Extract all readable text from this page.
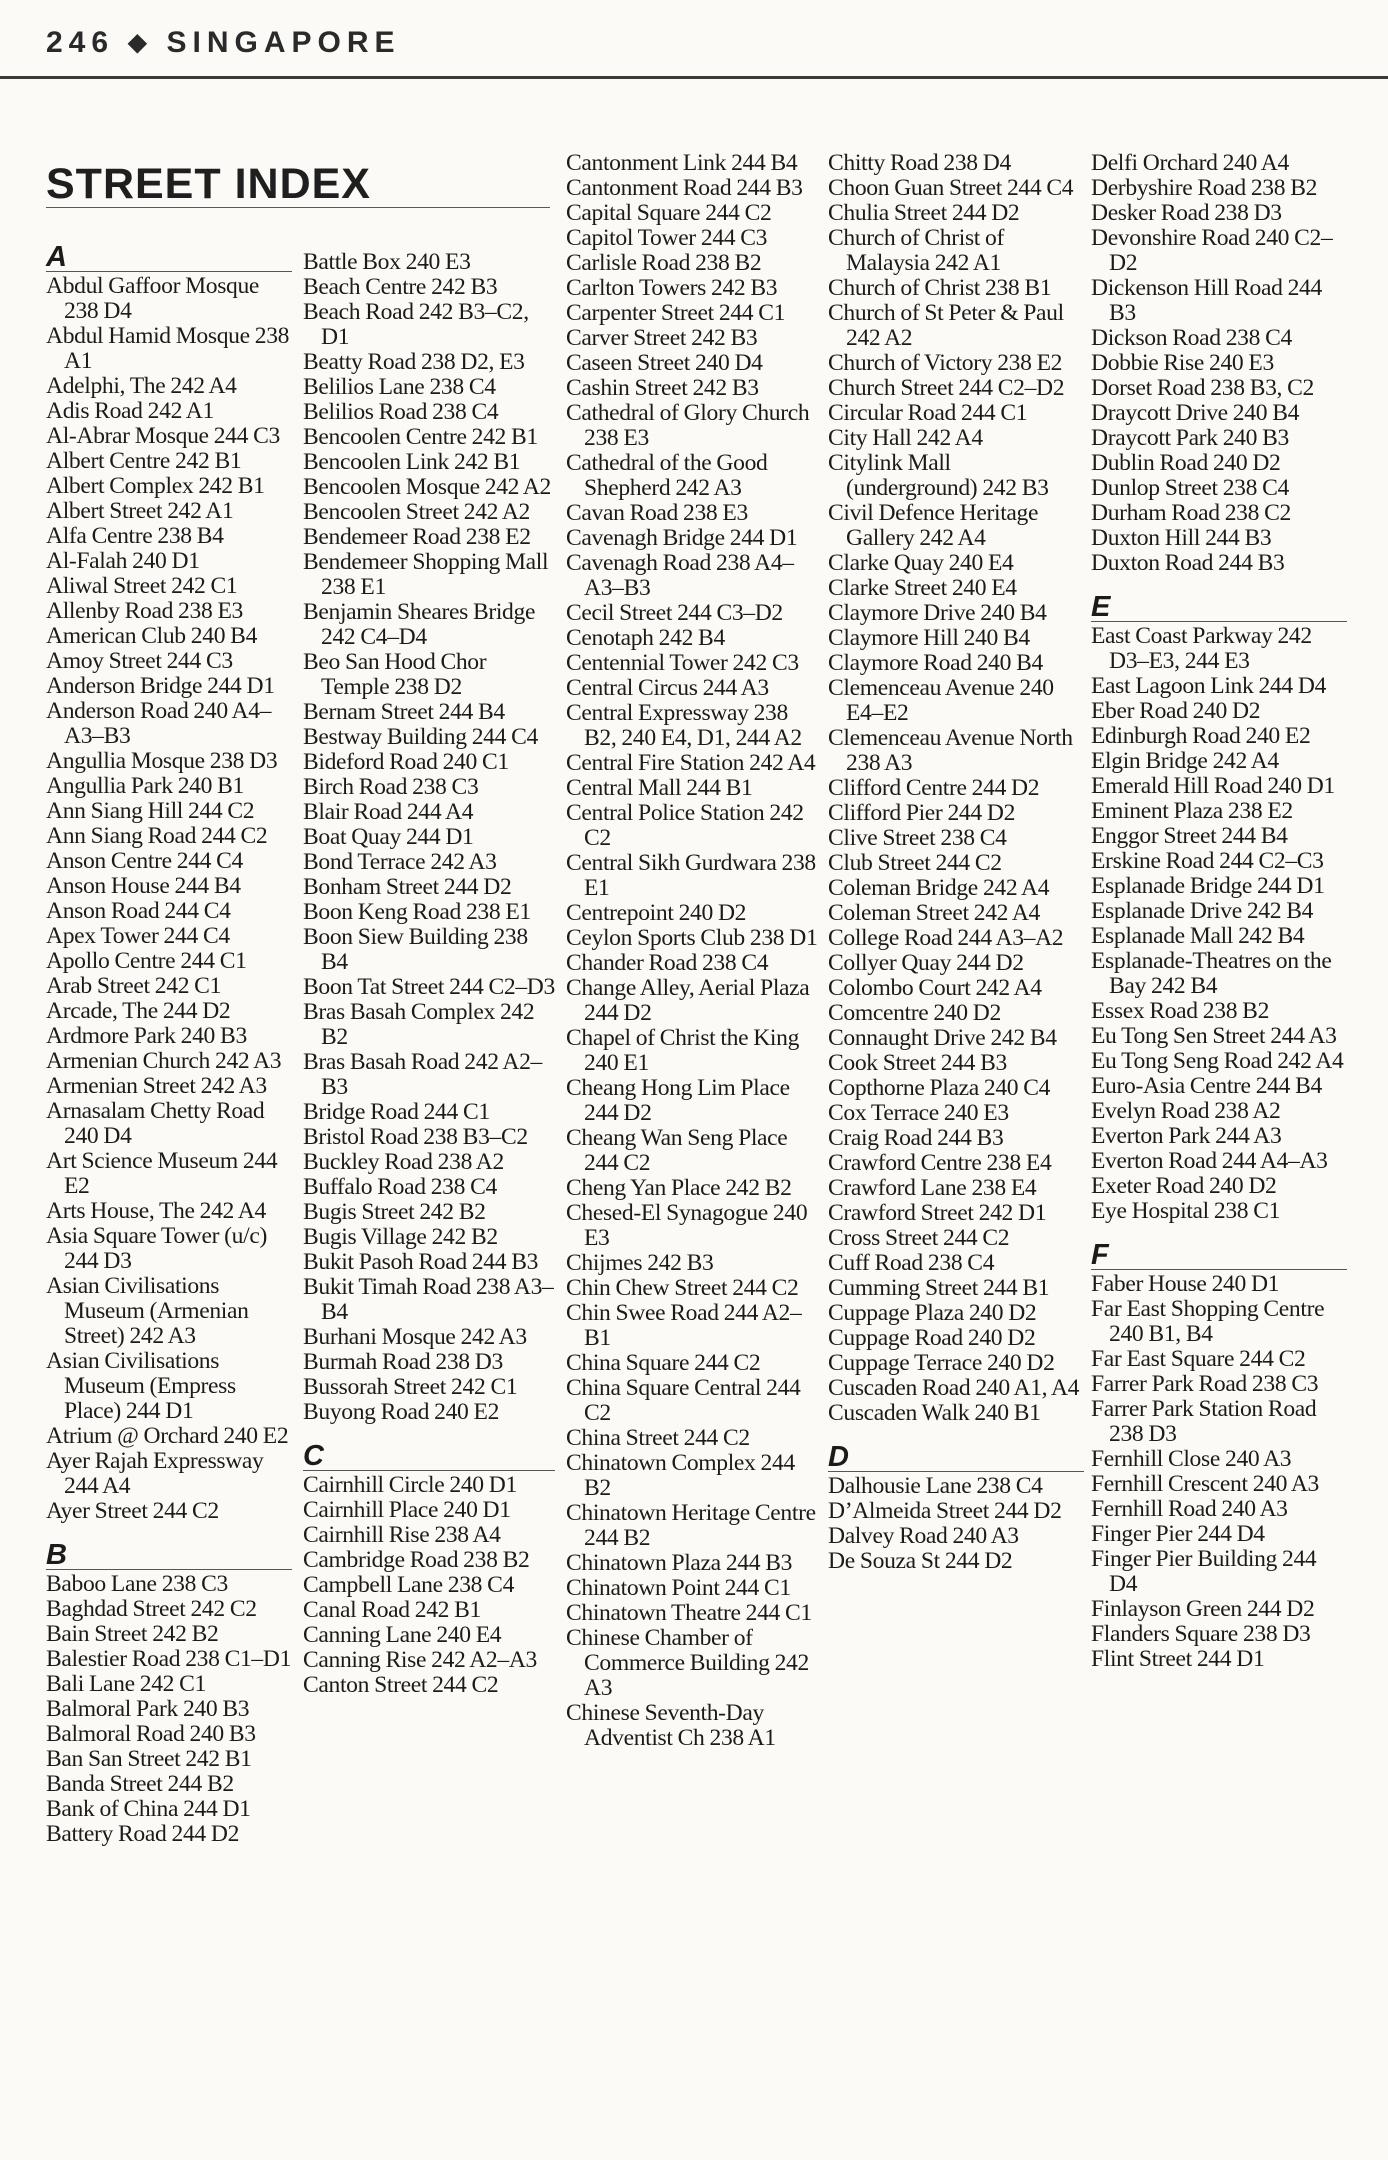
246 ◆ SINGAPORE
STREET INDEX
A
Abdul Gaffoor Mosque 238 D4
Abdul Hamid Mosque 238 A1
Adelphi, The 242 A4
Adis Road 242 A1
Al-Abrar Mosque 244 C3
Albert Centre 242 B1
Albert Complex 242 B1
Albert Street 242 A1
Alfa Centre 238 B4
Al-Falah 240 D1
Aliwal Street 242 C1
Allenby Road 238 E3
American Club 240 B4
Amoy Street 244 C3
Anderson Bridge 244 D1
Anderson Road 240 A4–A3–B3
Angullia Mosque 238 D3
Angullia Park 240 B1
Ann Siang Hill 244 C2
Ann Siang Road 244 C2
Anson Centre 244 C4
Anson House 244 B4
Anson Road 244 C4
Apex Tower 244 C4
Apollo Centre 244 C1
Arab Street 242 C1
Arcade, The 244 D2
Ardmore Park 240 B3
Armenian Church 242 A3
Armenian Street 242 A3
Arnasalam Chetty Road 240 D4
Art Science Museum 244 E2
Arts House, The 242 A4
Asia Square Tower (u/c) 244 D3
Asian Civilisations Museum (Armenian Street) 242 A3
Asian Civilisations Museum (Empress Place) 244 D1
Atrium @ Orchard 240 E2
Ayer Rajah Expressway 244 A4
Ayer Street 244 C2
B
Baboo Lane 238 C3
Baghdad Street 242 C2
Bain Street 242 B2
Balestier Road 238 C1–D1
Bali Lane 242 C1
Balmoral Park 240 B3
Balmoral Road 240 B3
Ban San Street 242 B1
Banda Street 244 B2
Bank of China 244 D1
Battery Road 244 D2
Battle Box 240 E3
Beach Centre 242 B3
Beach Road 242 B3–C2, D1
Beatty Road 238 D2, E3
Belilios Lane 238 C4
Belilios Road 238 C4
Bencoolen Centre 242 B1
Bencoolen Link 242 B1
Bencoolen Mosque 242 A2
Bencoolen Street 242 A2
Bendemeer Road 238 E2
Bendemeer Shopping Mall 238 E1
Benjamin Sheares Bridge 242 C4–D4
Beo San Hood Chor Temple 238 D2
Bernam Street 244 B4
Bestway Building 244 C4
Bideford Road 240 C1
Birch Road 238 C3
Blair Road 244 A4
Boat Quay 244 D1
Bond Terrace 242 A3
Bonham Street 244 D2
Boon Keng Road 238 E1
Boon Siew Building 238 B4
Boon Tat Street 244 C2–D3
Bras Basah Complex 242 B2
Bras Basah Road 242 A2–B3
Bridge Road 244 C1
Bristol Road 238 B3–C2
Buckley Road 238 A2
Buffalo Road 238 C4
Bugis Street 242 B2
Bugis Village 242 B2
Bukit Pasoh Road 244 B3
Bukit Timah Road 238 A3–B4
Burhani Mosque 242 A3
Burmah Road 238 D3
Bussorah Street 242 C1
Buyong Road 240 E2
C
Cairnhill Circle 240 D1
Cairnhill Place 240 D1
Cairnhill Rise 238 A4
Cambridge Road 238 B2
Campbell Lane 238 C4
Canal Road 242 B1
Canning Lane 240 E4
Canning Rise 242 A2–A3
Canton Street 244 C2
Cantonment Link 244 B4
Cantonment Road 244 B3
Capital Square 244 C2
Capitol Tower 244 C3
Carlisle Road 238 B2
Carlton Towers 242 B3
Carpenter Street 244 C1
Carver Street 242 B3
Caseen Street 240 D4
Cashin Street 242 B3
Cathedral of Glory Church 238 E3
Cathedral of the Good Shepherd 242 A3
Cavan Road 238 E3
Cavenagh Bridge 244 D1
Cavenagh Road 238 A4–A3–B3
Cecil Street 244 C3–D2
Cenotaph 242 B4
Centennial Tower 242 C3
Central Circus 244 A3
Central Expressway 238 B2, 240 E4, D1, 244 A2
Central Fire Station 242 A4
Central Mall 244 B1
Central Police Station 242 C2
Central Sikh Gurdwara 238 E1
Centrepoint 240 D2
Ceylon Sports Club 238 D1
Chander Road 238 C4
Change Alley, Aerial Plaza 244 D2
Chapel of Christ the King 240 E1
Cheang Hong Lim Place 244 D2
Cheang Wan Seng Place 244 C2
Cheng Yan Place 242 B2
Chesed-El Synagogue 240 E3
Chijmes 242 B3
Chin Chew Street 244 C2
Chin Swee Road 244 A2–B1
China Square 244 C2
China Square Central 244 C2
China Street 244 C2
Chinatown Complex 244 B2
Chinatown Heritage Centre 244 B2
Chinatown Plaza 244 B3
Chinatown Point 244 C1
Chinatown Theatre 244 C1
Chinese Chamber of Commerce Building 242 A3
Chinese Seventh-Day Adventist Ch 238 A1
Chitty Road 238 D4
Choon Guan Street 244 C4
Chulia Street 244 D2
Church of Christ of Malaysia 242 A1
Church of Christ 238 B1
Church of St Peter & Paul 242 A2
Church of Victory 238 E2
Church Street 244 C2–D2
Circular Road 244 C1
City Hall 242 A4
Citylink Mall (underground) 242 B3
Civil Defence Heritage Gallery 242 A4
Clarke Quay 240 E4
Clarke Street 240 E4
Claymore Drive 240 B4
Claymore Hill 240 B4
Claymore Road 240 B4
Clemenceau Avenue 240 E4–E2
Clemenceau Avenue North 238 A3
Clifford Centre 244 D2
Clifford Pier 244 D2
Clive Street 238 C4
Club Street 244 C2
Coleman Bridge 242 A4
Coleman Street 242 A4
College Road 244 A3–A2
Collyer Quay 244 D2
Colombo Court 242 A4
Comcentre 240 D2
Connaught Drive 242 B4
Cook Street 244 B3
Copthorne Plaza 240 C4
Cox Terrace 240 E3
Craig Road 244 B3
Crawford Centre 238 E4
Crawford Lane 238 E4
Crawford Street 242 D1
Cross Street 244 C2
Cuff Road 238 C4
Cumming Street 244 B1
Cuppage Plaza 240 D2
Cuppage Road 240 D2
Cuppage Terrace 240 D2
Cuscaden Road 240 A1, A4
Cuscaden Walk 240 B1
D
Dalhousie Lane 238 C4
D’Almeida Street 244 D2
Dalvey Road 240 A3
De Souza St 244 D2
Delfi Orchard 240 A4
Derbyshire Road 238 B2
Desker Road 238 D3
Devonshire Road 240 C2–D2
Dickenson Hill Road 244 B3
Dickson Road 238 C4
Dobbie Rise 240 E3
Dorset Road 238 B3, C2
Draycott Drive 240 B4
Draycott Park 240 B3
Dublin Road 240 D2
Dunlop Street 238 C4
Durham Road 238 C2
Duxton Hill 244 B3
Duxton Road 244 B3
E
East Coast Parkway 242 D3–E3, 244 E3
East Lagoon Link 244 D4
Eber Road 240 D2
Edinburgh Road 240 E2
Elgin Bridge 242 A4
Emerald Hill Road 240 D1
Eminent Plaza 238 E2
Enggor Street 244 B4
Erskine Road 244 C2–C3
Esplanade Bridge 244 D1
Esplanade Drive 242 B4
Esplanade Mall 242 B4
Esplanade-Theatres on the Bay 242 B4
Essex Road 238 B2
Eu Tong Sen Street 244 A3
Eu Tong Seng Road 242 A4
Euro-Asia Centre 244 B4
Evelyn Road 238 A2
Everton Park 244 A3
Everton Road 244 A4–A3
Exeter Road 240 D2
Eye Hospital 238 C1
F
Faber House 240 D1
Far East Shopping Centre 240 B1, B4
Far East Square 244 C2
Farrer Park Road 238 C3
Farrer Park Station Road 238 D3
Fernhill Close 240 A3
Fernhill Crescent 240 A3
Fernhill Road 240 A3
Finger Pier 244 D4
Finger Pier Building 244 D4
Finlayson Green 244 D2
Flanders Square 238 D3
Flint Street 244 D1
